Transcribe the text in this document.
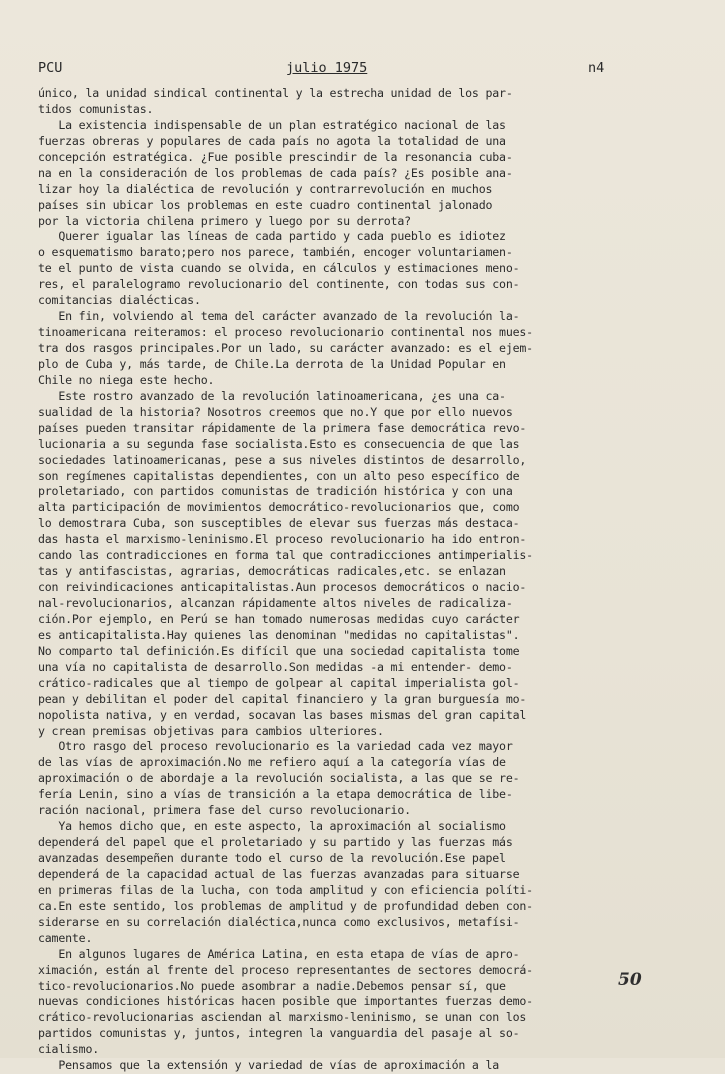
PCU	julio 1975	n4
único, la unidad sindical continental y la estrecha unidad de los par-
tidos comunistas.
La existencia indispensable de un plan estratégico nacional de las
fuerzas obreras y populares de cada país no agota la totalidad de una
concepción estratégica. ¿Fue posible prescindir de la resonancia cuba-
na en la consideración de los problemas de cada país? ¿Es posible ana-
lizar hoy la dialéctica de revolución y contrarrevolución en muchos
países sin ubicar los problemas en este cuadro continental jalonado
por la victoria chilena primero y luego por su derrota?
Querer igualar las líneas de cada partido y cada pueblo es idiotez
o esquematismo barato;pero nos parece, también, encoger voluntariamen-
te el punto de vista cuando se olvida, en cálculos y estimaciones meno-
res, el paralelogramo revolucionario del continente, con todas sus con-
comitancias dialécticas.
En fin, volviendo al tema del carácter avanzado de la revolución la-
tinoamericana reiteramos: el proceso revolucionario continental nos mues-
tra dos rasgos principales.Por un lado, su carácter avanzado: es el ejem-
plo de Cuba y, más tarde, de Chile.La derrota de la Unidad Popular en
Chile no niega este hecho.
Este rostro avanzado de la revolución latinoamericana, ¿es una ca-
sualidad de la historia? Nosotros creemos que no.Y que por ello nuevos
países pueden transitar rápidamente de la primera fase democrática revo-
lucionaria a su segunda fase socialista.Esto es consecuencia de que las
sociedades latinoamericanas, pese a sus niveles distintos de desarrollo,
son regímenes capitalistas dependientes, con un alto peso específico de
proletariado, con partidos comunistas de tradición histórica y con una
alta participación de movimientos democrático-revolucionarios que, como
lo demostrara Cuba, son susceptibles de elevar sus fuerzas más destaca-
das hasta el marxismo-leninismo.El proceso revolucionario ha ido entron-
cando las contradicciones en forma tal que contradicciones antimperialis-
tas y antifascistas, agrarias, democráticas radicales,etc. se enlazan
con reivindicaciones anticapitalistas.Aun procesos democráticos o nacio-
nal-revolucionarios, alcanzan rápidamente altos niveles de radicaliza-
ción.Por ejemplo, en Perú se han tomado numerosas medidas cuyo carácter
es anticapitalista.Hay quienes las denominan "medidas no capitalistas".
No comparto tal definición.Es difícil que una sociedad capitalista tome
una vía no capitalista de desarrollo.Son medidas -a mi entender- demo-
crático-radicales que al tiempo de golpear al capital imperialista gol-
pean y debilitan el poder del capital financiero y la gran burguesía mo-
nopolista nativa, y en verdad, socavan las bases mismas del gran capital
y crean premisas objetivas para cambios ulteriores.
Otro rasgo del proceso revolucionario es la variedad cada vez mayor
de las vías de aproximación.No me refiero aquí a la categoría vías de
aproximación o de abordaje a la revolución socialista, a las que se re-
fería Lenin, sino a vías de transición a la etapa democrática de libe-
ración nacional, primera fase del curso revolucionario.
Ya hemos dicho que, en este aspecto, la aproximación al socialismo
dependerá del papel que el proletariado y su partido y las fuerzas más
avanzadas desempeñen durante todo el curso de la revolución.Ese papel
dependerá de la capacidad actual de las fuerzas avanzadas para situarse
en primeras filas de la lucha, con toda amplitud y con eficiencia políti-
ca.En este sentido, los problemas de amplitud y de profundidad deben con-
siderarse en su correlación dialéctica,nunca como exclusivos, metafísi-
camente.
En algunos lugares de América Latina, en esta etapa de vías de apro-
ximación, están al frente del proceso representantes de sectores democrá-
tico-revolucionarios.No puede asombrar a nadie.Debemos pensar sí, que
nuevas condiciones históricas hacen posible que importantes fuerzas demo-
crático-revolucionarias asciendan al marxismo-leninismo, se unan con los
partidos comunistas y, juntos, integren la vanguardia del pasaje al so-
cialismo.
Pensamos que la extensión y variedad de vías de aproximación a la
50
